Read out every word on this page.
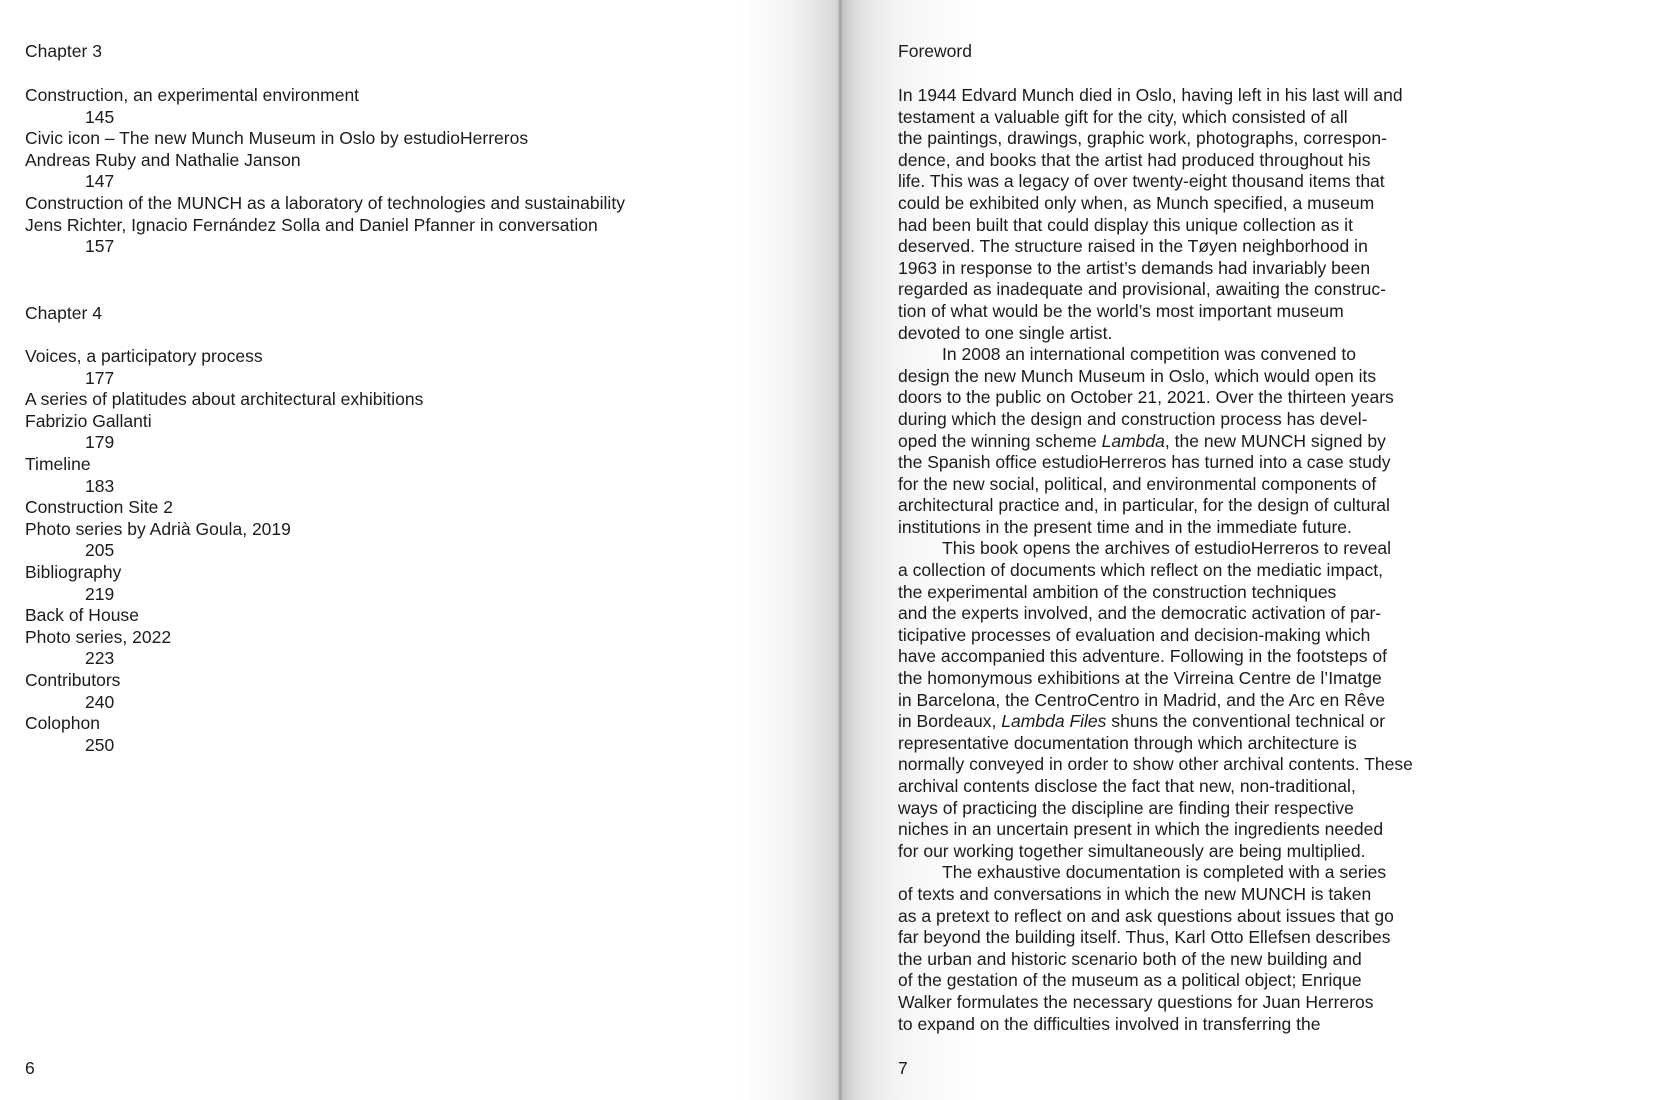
Chapter 3
Construction, an experimental environment
145
Civic icon – The new Munch Museum in Oslo by estudioHerreros
Andreas Ruby and Nathalie Janson
147
Construction of the MUNCH as a laboratory of technologies and sustainability
Jens Richter, Ignacio Fernández Solla and Daniel Pfanner in conversation
157
Chapter 4
Voices, a participatory process
177
A series of platitudes about architectural exhibitions
Fabrizio Gallanti
179
Timeline
183
Construction Site 2
Photo series by Adrià Goula, 2019
205
Bibliography
219
Back of House
Photo series, 2022
223
Contributors
240
Colophon
250
6
Foreword
In 1944 Edvard Munch died in Oslo, having left in his last will and
testament a valuable gift for the city, which consisted of all
the paintings, drawings, graphic work, photographs, correspon-
dence, and books that the artist had produced throughout his
life. This was a legacy of over twenty-eight thousand items that
could be exhibited only when, as Munch specified, a museum
had been built that could display this unique collection as it
deserved. The structure raised in the Tøyen neighborhood in
1963 in response to the artist’s demands had invariably been
regarded as inadequate and provisional, awaiting the construc-
tion of what would be the world’s most important museum
devoted to one single artist.
In 2008 an international competition was convened to
design the new Munch Museum in Oslo, which would open its
doors to the public on October 21, 2021. Over the thirteen years
during which the design and construction process has devel-
oped the winning scheme Lambda, the new MUNCH signed by
the Spanish office estudioHerreros has turned into a case study
for the new social, political, and environmental components of
architectural practice and, in particular, for the design of cultural
institutions in the present time and in the immediate future.
This book opens the archives of estudioHerreros to reveal
a collection of documents which reflect on the mediatic impact,
the experimental ambition of the construction techniques
and the experts involved, and the democratic activation of par-
ticipative processes of evaluation and decision-making which
have accompanied this adventure. Following in the footsteps of
the homonymous exhibitions at the Virreina Centre de l’Imatge
in Barcelona, the CentroCentro in Madrid, and the Arc en Rêve
in Bordeaux, Lambda Files shuns the conventional technical or
representative documentation through which architecture is
normally conveyed in order to show other archival contents. These
archival contents disclose the fact that new, non-traditional,
ways of practicing the discipline are finding their respective
niches in an uncertain present in which the ingredients needed
for our working together simultaneously are being multiplied.
The exhaustive documentation is completed with a series
of texts and conversations in which the new MUNCH is taken
as a pretext to reflect on and ask questions about issues that go
far beyond the building itself. Thus, Karl Otto Ellefsen describes
the urban and historic scenario both of the new building and
of the gestation of the museum as a political object; Enrique
Walker formulates the necessary questions for Juan Herreros
to expand on the difficulties involved in transferring the
7
